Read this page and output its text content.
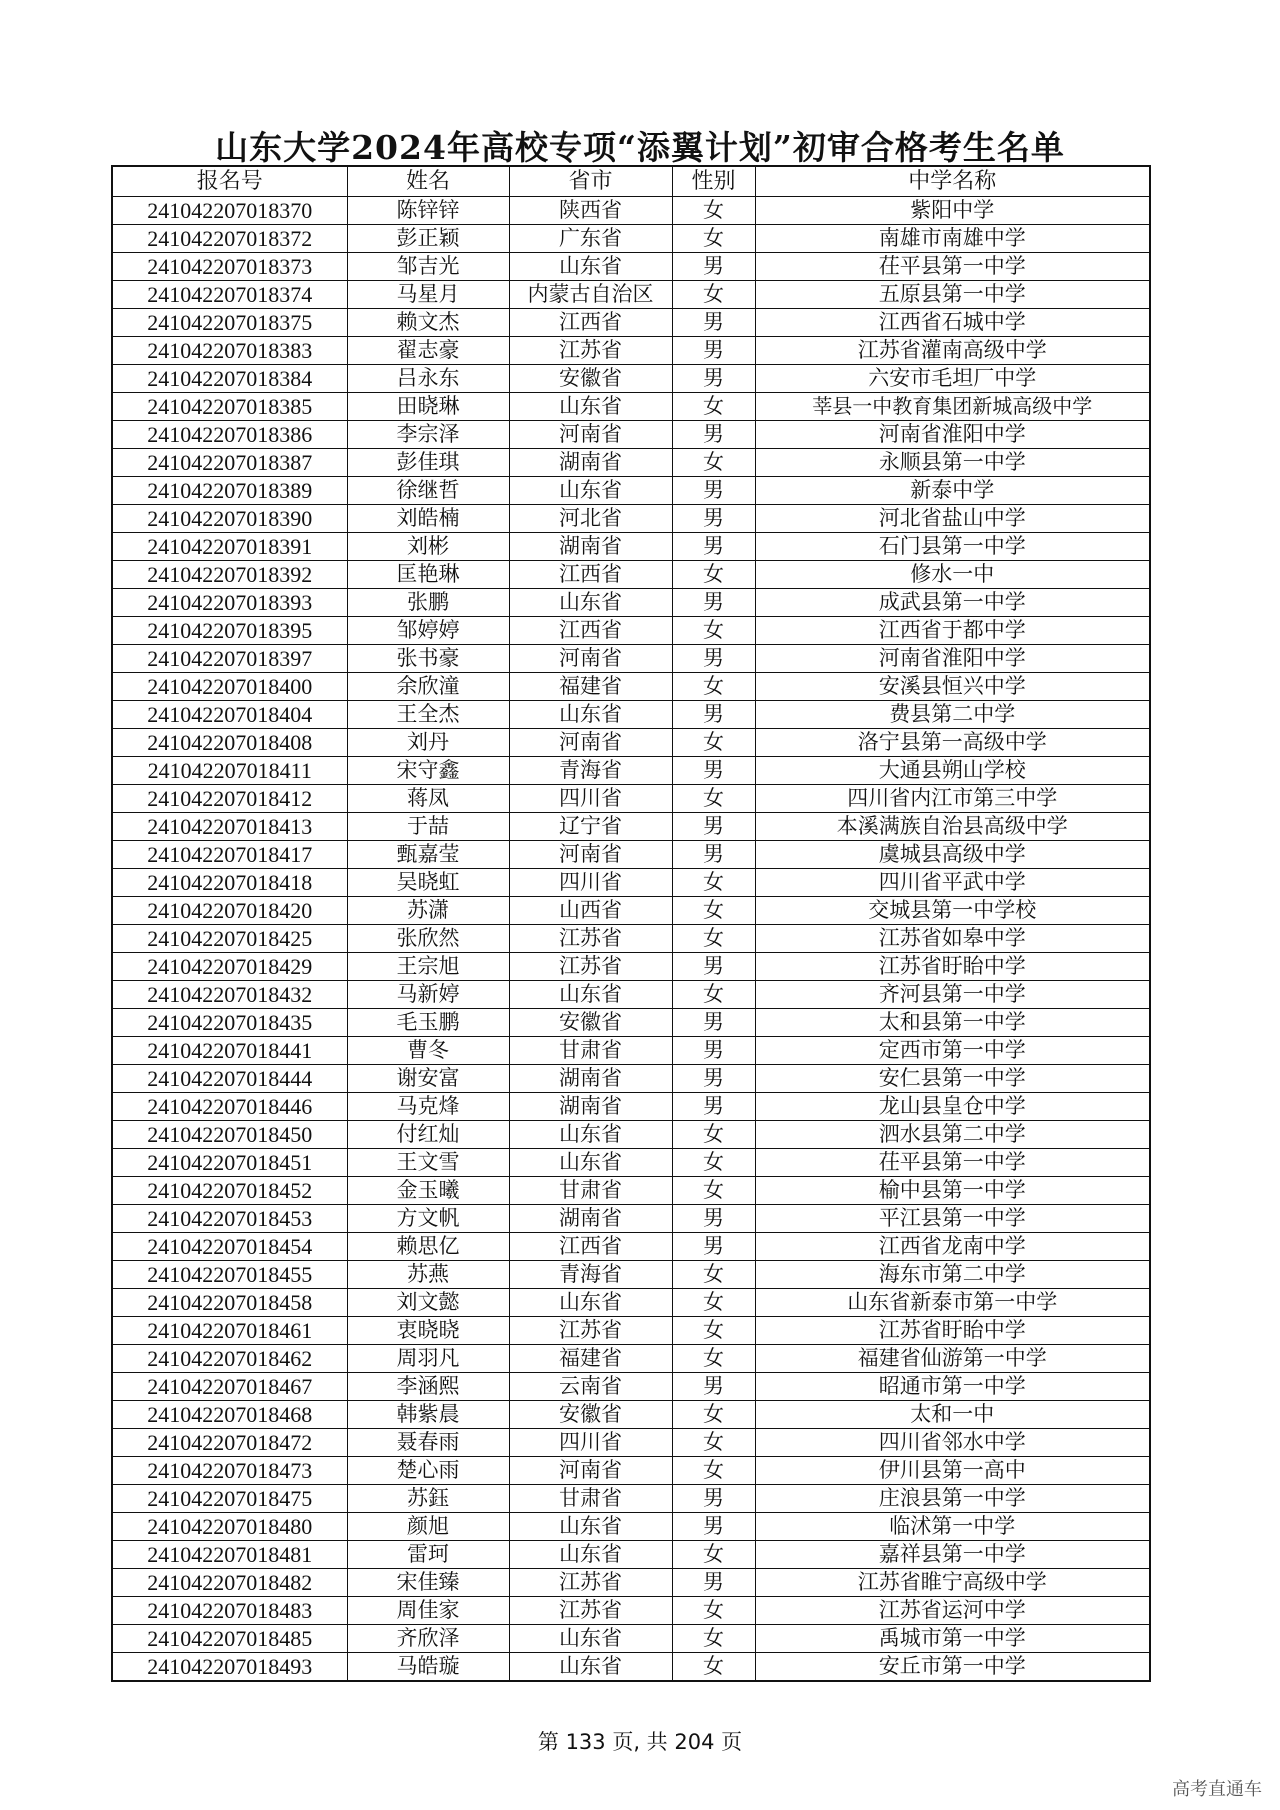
山东大学2024年高校专项“添翼计划”初审合格考生名单
报名号	姓名	省市	性别	中学名称
241042207018370	陈锌锌	陕西省	女	紫阳中学
241042207018372	彭正颖	广东省	女	南雄市南雄中学
241042207018373	邹吉光	山东省	男	茌平县第一中学
241042207018374	马星月	内蒙古自治区	女	五原县第一中学
241042207018375	赖文杰	江西省	男	江西省石城中学
241042207018383	翟志豪	江苏省	男	江苏省灌南高级中学
241042207018384	吕永东	安徽省	男	六安市毛坦厂中学
241042207018385	田晓琳	山东省	女	莘县一中教育集团新城高级中学
241042207018386	李宗泽	河南省	男	河南省淮阳中学
241042207018387	彭佳琪	湖南省	女	永顺县第一中学
241042207018389	徐继哲	山东省	男	新泰中学
241042207018390	刘皓楠	河北省	男	河北省盐山中学
241042207018391	刘彬	湖南省	男	石门县第一中学
241042207018392	匡艳琳	江西省	女	修水一中
241042207018393	张鹏	山东省	男	成武县第一中学
241042207018395	邹婷婷	江西省	女	江西省于都中学
241042207018397	张书豪	河南省	男	河南省淮阳中学
241042207018400	余欣潼	福建省	女	安溪县恒兴中学
241042207018404	王全杰	山东省	男	费县第二中学
241042207018408	刘丹	河南省	女	洛宁县第一高级中学
241042207018411	宋守鑫	青海省	男	大通县朔山学校
241042207018412	蒋凤	四川省	女	四川省内江市第三中学
241042207018413	于喆	辽宁省	男	本溪满族自治县高级中学
241042207018417	甄嘉莹	河南省	男	虞城县高级中学
241042207018418	吴晓虹	四川省	女	四川省平武中学
241042207018420	苏潇	山西省	女	交城县第一中学校
241042207018425	张欣然	江苏省	女	江苏省如皋中学
241042207018429	王宗旭	江苏省	男	江苏省盱眙中学
241042207018432	马新婷	山东省	女	齐河县第一中学
241042207018435	毛玉鹏	安徽省	男	太和县第一中学
241042207018441	曹冬	甘肃省	男	定西市第一中学
241042207018444	谢安富	湖南省	男	安仁县第一中学
241042207018446	马克烽	湖南省	男	龙山县皇仓中学
241042207018450	付红灿	山东省	女	泗水县第二中学
241042207018451	王文雪	山东省	女	茌平县第一中学
241042207018452	金玉曦	甘肃省	女	榆中县第一中学
241042207018453	方文帆	湖南省	男	平江县第一中学
241042207018454	赖思亿	江西省	男	江西省龙南中学
241042207018455	苏燕	青海省	女	海东市第二中学
241042207018458	刘文懿	山东省	女	山东省新泰市第一中学
241042207018461	衷晓晓	江苏省	女	江苏省盱眙中学
241042207018462	周羽凡	福建省	女	福建省仙游第一中学
241042207018467	李涵熙	云南省	男	昭通市第一中学
241042207018468	韩紫晨	安徽省	女	太和一中
241042207018472	聂春雨	四川省	女	四川省邻水中学
241042207018473	楚心雨	河南省	女	伊川县第一高中
241042207018475	苏鈺	甘肃省	男	庄浪县第一中学
241042207018480	颜旭	山东省	男	临沭第一中学
241042207018481	雷珂	山东省	女	嘉祥县第一中学
241042207018482	宋佳臻	江苏省	男	江苏省睢宁高级中学
241042207018483	周佳家	江苏省	女	江苏省运河中学
241042207018485	齐欣泽	山东省	女	禹城市第一中学
241042207018493	马皓璇	山东省	女	安丘市第一中学
第 133 页, 共 204 页
高考直通车
